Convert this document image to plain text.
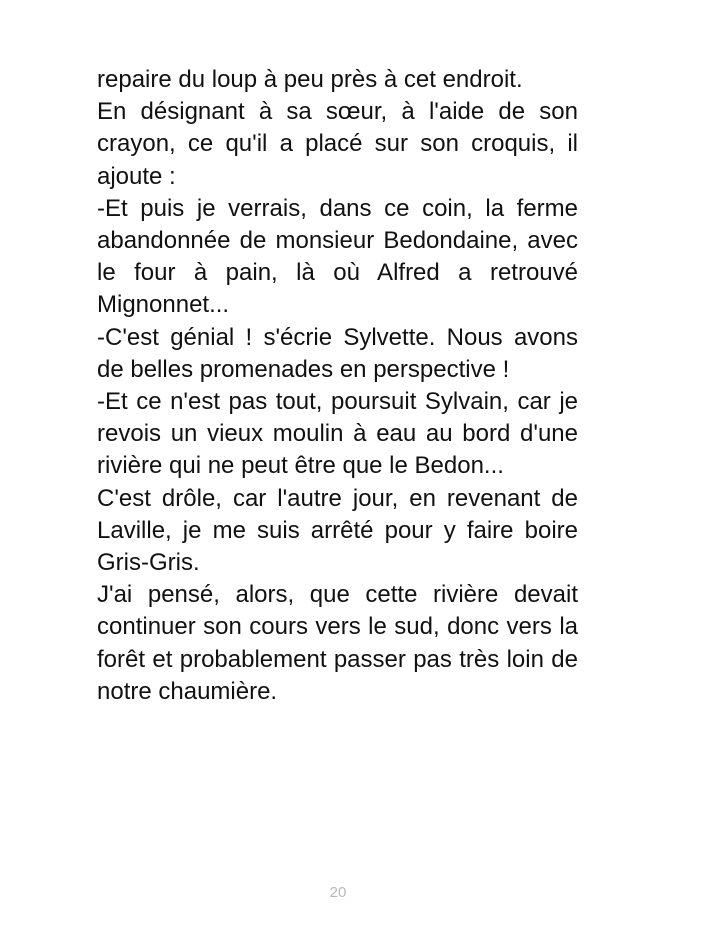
repaire du loup à peu près à cet endroit.

En désignant à sa sœur, à l'aide de son crayon, ce qu'il a placé sur son croquis, il ajoute :

-Et puis je verrais, dans ce coin, la ferme abandonnée de monsieur Bedondaine, avec le four à pain, là où Alfred a retrouvé Mignonnet...

-C'est génial ! s'écrie Sylvette. Nous avons de belles promenades en perspective !

-Et ce n'est pas tout, poursuit Sylvain, car je revois un vieux moulin à eau au bord d'une rivière qui ne peut être que le Bedon...

C'est drôle, car l'autre jour, en revenant de Laville, je me suis arrêté pour y faire boire Gris-Gris.

J'ai pensé, alors, que cette rivière devait continuer son cours vers le sud, donc vers la forêt et probablement passer pas très loin de notre chaumière.

20
